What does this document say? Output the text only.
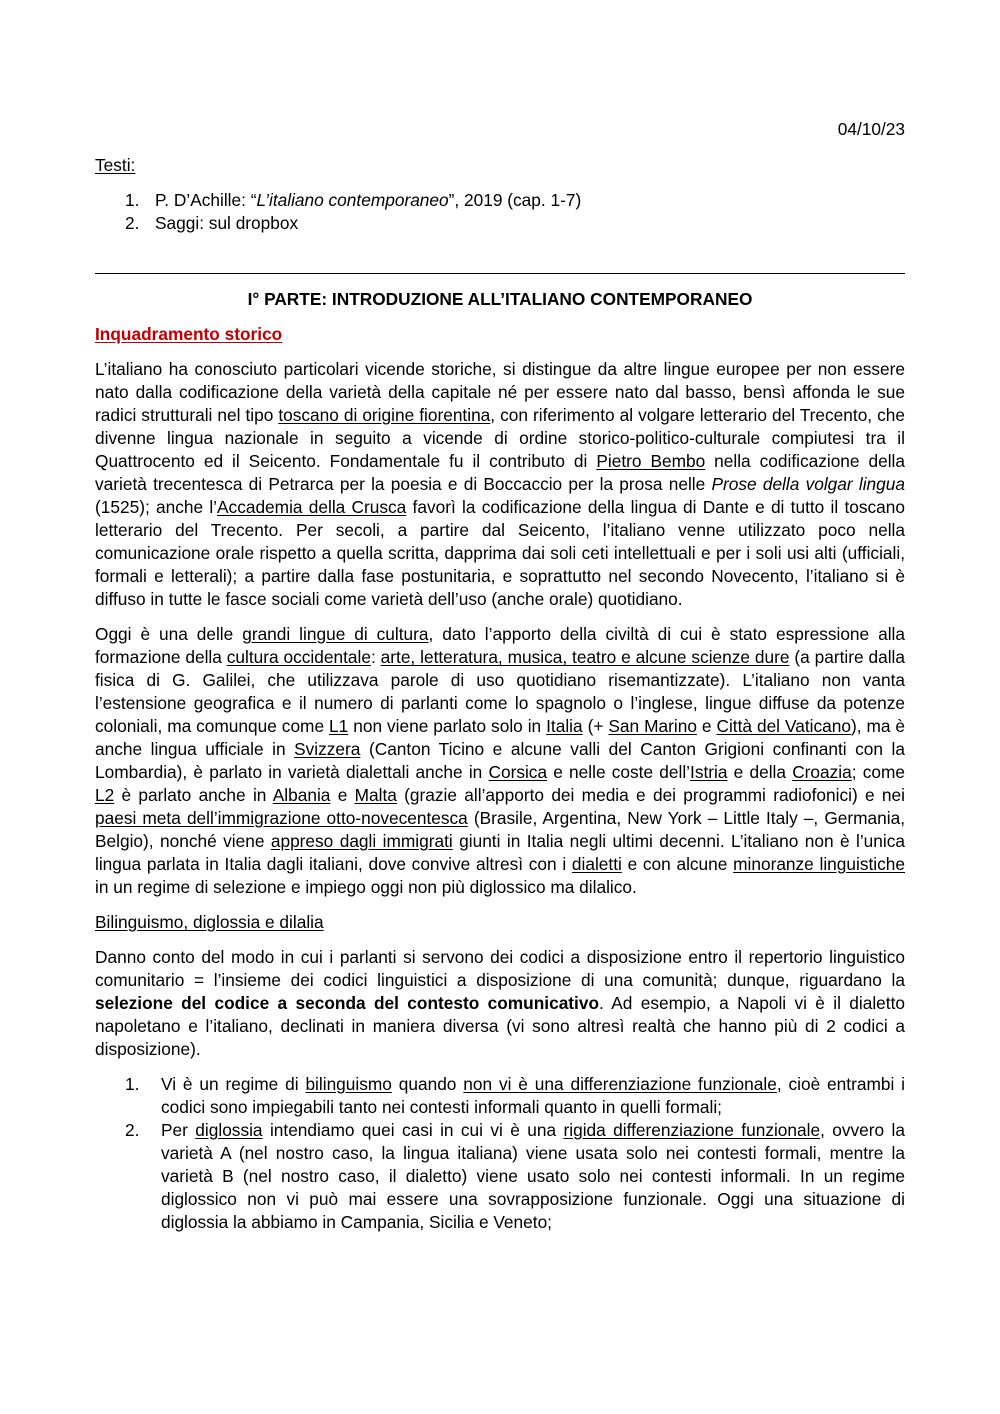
04/10/23
Testi:
1. P. D’Achille: “L’italiano contemporaneo”, 2019 (cap. 1-7)
2. Saggi: sul dropbox
I° PARTE: INTRODUZIONE ALL’ITALIANO CONTEMPORANEO
Inquadramento storico

L’italiano ha conosciuto particolari vicende storiche, si distingue da altre lingue europee per non essere nato dalla codificazione della varietà della capitale né per essere nato dal basso, bensì affonda le sue radici strutturali nel tipo toscano di origine fiorentina, con riferimento al volgare letterario del Trecento, che divenne lingua nazionale in seguito a vicende di ordine storico-politico-culturale compiutesi tra il Quattrocento ed il Seicento. Fondamentale fu il contributo di Pietro Bembo nella codificazione della varietà trecentesca di Petrarca per la poesia e di Boccaccio per la prosa nelle Prose della volgar lingua (1525); anche l’Accademia della Crusca favorì la codificazione della lingua di Dante e di tutto il toscano letterario del Trecento. Per secoli, a partire dal Seicento, l’italiano venne utilizzato poco nella comunicazione orale rispetto a quella scritta, dapprima dai soli ceti intellettuali e per i soli usi alti (ufficiali, formali e letterali); a partire dalla fase postunitaria, e soprattutto nel secondo Novecento, l’italiano si è diffuso in tutte le fasce sociali come varietà dell’uso (anche orale) quotidiano.

Oggi è una delle grandi lingue di cultura, dato l’apporto della civiltà di cui è stato espressione alla formazione della cultura occidentale: arte, letteratura, musica, teatro e alcune scienze dure (a partire dalla fisica di G. Galilei, che utilizzava parole di uso quotidiano risemantizzate). L’italiano non vanta l’estensione geografica e il numero di parlanti come lo spagnolo o l’inglese, lingue diffuse da potenze coloniali, ma comunque come L1 non viene parlato solo in Italia (+ San Marino e Città del Vaticano), ma è anche lingua ufficiale in Svizzera (Canton Ticino e alcune valli del Canton Grigioni confinanti con la Lombardia), è parlato in varietà dialettali anche in Corsica e nelle coste dell’Istria e della Croazia; come L2 è parlato anche in Albania e Malta (grazie all’apporto dei media e dei programmi radiofonici) e nei paesi meta dell’immigrazione otto-novecentesca (Brasile, Argentina, New York – Little Italy –, Germania, Belgio), nonché viene appreso dagli immigrati giunti in Italia negli ultimi decenni. L’italiano non è l’unica lingua parlata in Italia dagli italiani, dove convive altresì con i dialetti e con alcune minoranze linguistiche in un regime di selezione e impiego oggi non più diglossico ma dilalico.

Bilinguismo, diglossia e dilalia

Danno conto del modo in cui i parlanti si servono dei codici a disposizione entro il repertorio linguistico comunitario = l’insieme dei codici linguistici a disposizione di una comunità; dunque, riguardano la selezione del codice a seconda del contesto comunicativo. Ad esempio, a Napoli vi è il dialetto napoletano e l’italiano, declinati in maniera diversa (vi sono altresì realtà che hanno più di 2 codici a disposizione).

1.	Vi è un regime di bilinguismo quando non vi è una differenziazione funzionale, cioè entrambi i codici sono impiegabili tanto nei contesti informali quanto in quelli formali;
2.	Per diglossia intendiamo quei casi in cui vi è una rigida differenziazione funzionale, ovvero la varietà A (nel nostro caso, la lingua italiana) viene usata solo nei contesti formali, mentre la varietà B (nel nostro caso, il dialetto) viene usato solo nei contesti informali. In un regime diglossico non vi può mai essere una sovrapposizione funzionale. Oggi una situazione di diglossia la abbiamo in Campania, Sicilia e Veneto;
